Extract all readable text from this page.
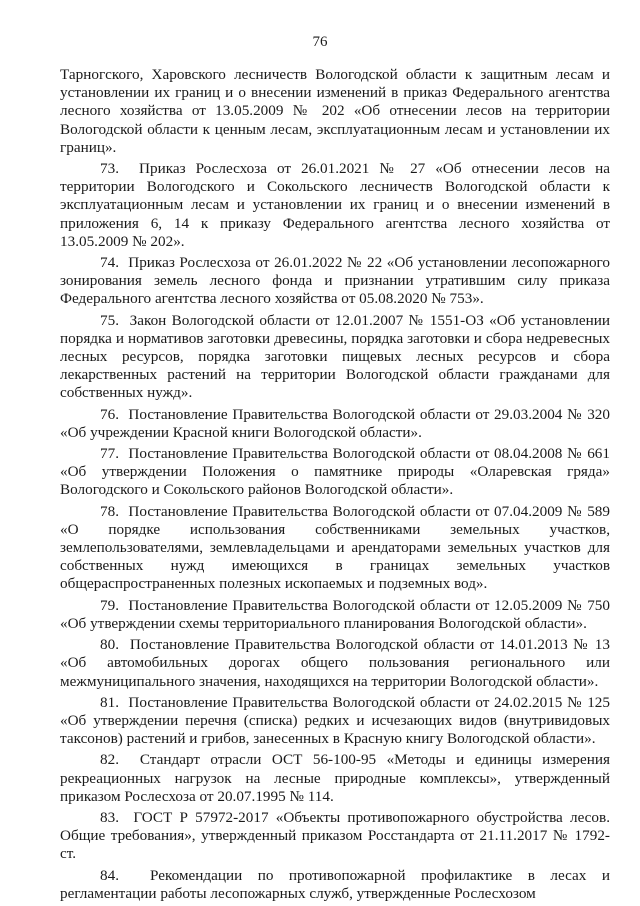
76

Тарногского, Харовского лесничеств Вологодской области к защитным лесам и установлении их границ и о внесении изменений в приказ Федерального агентства лесного хозяйства от 13.05.2009 № 202 «Об отнесении лесов на территории Вологодской области к ценным лесам, эксплуатационным лесам и установлении их границ».

73. Приказ Рослесхоза от 26.01.2021 № 27 «Об отнесении лесов на территории Вологодского и Сокольского лесничеств Вологодской области к эксплуатационным лесам и установлении их границ и о внесении изменений в приложения 6, 14 к приказу Федерального агентства лесного хозяйства от 13.05.2009 № 202».

74. Приказ Рослесхоза от 26.01.2022 № 22 «Об установлении лесопожарного зонирования земель лесного фонда и признании утратившим силу приказа Федерального агентства лесного хозяйства от 05.08.2020 № 753».

75. Закон Вологодской области от 12.01.2007 № 1551-ОЗ «Об установлении порядка и нормативов заготовки древесины, порядка заготовки и сбора недревесных лесных ресурсов, порядка заготовки пищевых лесных ресурсов и сбора лекарственных растений на территории Вологодской области гражданами для собственных нужд».

76. Постановление Правительства Вологодской области от 29.03.2004 № 320 «Об учреждении Красной книги Вологодской области».

77. Постановление Правительства Вологодской области от 08.04.2008 № 661 «Об утверждении Положения о памятнике природы «Оларевская гряда» Вологодского и Сокольского районов Вологодской области».

78. Постановление Правительства Вологодской области от 07.04.2009 № 589 «О порядке использования собственниками земельных участков, землепользователями, землевладельцами и арендаторами земельных участков для собственных нужд имеющихся в границах земельных участков общераспространенных полезных ископаемых и подземных вод».

79. Постановление Правительства Вологодской области от 12.05.2009 № 750 «Об утверждении схемы территориального планирования Вологодской области».

80. Постановление Правительства Вологодской области от 14.01.2013 № 13 «Об автомобильных дорогах общего пользования регионального или межмуниципального значения, находящихся на территории Вологодской области».

81. Постановление Правительства Вологодской области от 24.02.2015 № 125 «Об утверждении перечня (списка) редких и исчезающих видов (внутривидовых таксонов) растений и грибов, занесенных в Красную книгу Вологодской области».

82. Стандарт отрасли ОСТ 56-100-95 «Методы и единицы измерения рекреационных нагрузок на лесные природные комплексы», утвержденный приказом Рослесхоза от 20.07.1995 № 114.

83. ГОСТ Р 57972-2017 «Объекты противопожарного обустройства лесов. Общие требования», утвержденный приказом Росстандарта от 21.11.2017 № 1792-ст.

84. Рекомендации по противопожарной профилактике в лесах и регламентации работы лесопожарных служб, утвержденные Рослесхозом
